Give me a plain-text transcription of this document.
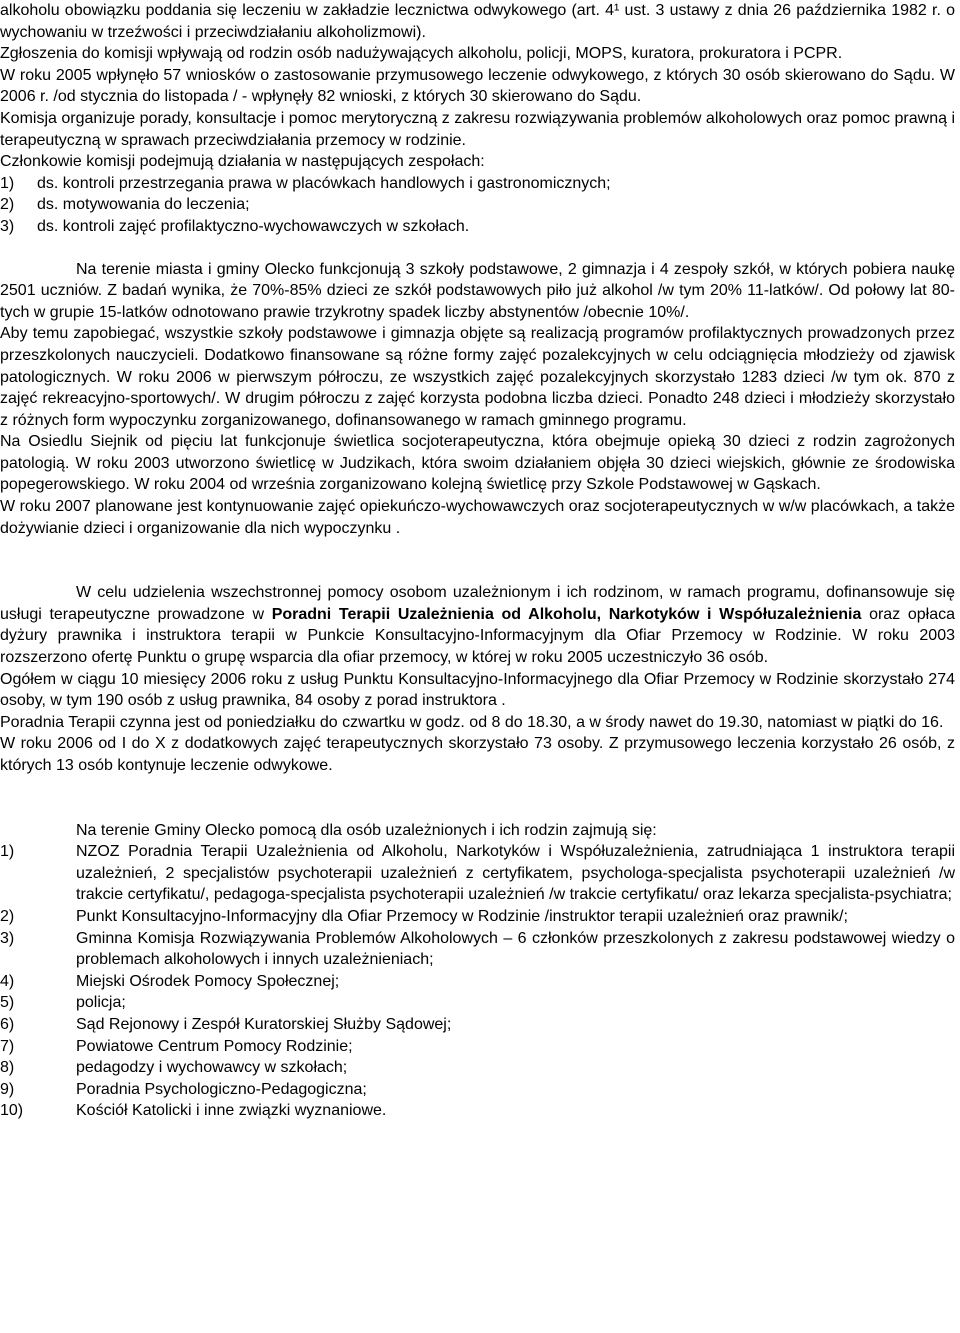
alkoholu obowiązku poddania się leczeniu w zakładzie lecznictwa odwykowego (art. 4¹ ust. 3 ustawy z dnia 26 października 1982 r. o wychowaniu w trzeźwości i przeciwdziałaniu alkoholizmowi).

Zgłoszenia do komisji wpływają od rodzin osób nadużywających alkoholu, policji, MOPS, kuratora, prokuratora i PCPR.

W roku 2005 wpłynęło 57 wniosków o zastosowanie przymusowego leczenie odwykowego, z których 30 osób skierowano do Sądu. W 2006 r. /od stycznia do listopada / - wpłynęły 82 wnioski, z których 30 skierowano do Sądu.

Komisja organizuje porady, konsultacje i pomoc merytoryczną z zakresu rozwiązywania problemów alkoholowych oraz pomoc prawną i terapeutyczną w sprawach przeciwdziałania przemocy w rodzinie.

Członkowie komisji podejmują działania w następujących zespołach:

1)	ds. kontroli przestrzegania prawa w placówkach handlowych i gastronomicznych;
2)	ds. motywowania do leczenia;
3)	ds. kontroli zajęć profilaktyczno-wychowawczych w szkołach.

Na terenie miasta i gminy Olecko funkcjonują 3 szkoły podstawowe, 2 gimnazja i 4 zespoły szkół, w których pobiera naukę 2501 uczniów. Z badań wynika, że 70%-85% dzieci ze szkół podstawowych piło już alkohol /w tym 20% 11-latków/. Od połowy lat 80-tych w grupie 15-latków odnotowano prawie trzykrotny spadek liczby abstynentów /obecnie 10%/.

Aby temu zapobiegać, wszystkie szkoły podstawowe i gimnazja objęte są realizacją programów profilaktycznych prowadzonych przez przeszkolonych nauczycieli. Dodatkowo finansowane są różne formy zajęć pozalekcyjnych w celu odciągnięcia młodzieży od zjawisk patologicznych. W roku 2006 w pierwszym półroczu, ze wszystkich zajęć pozalekcyjnych skorzystało 1283 dzieci /w tym ok. 870 z zajęć rekreacyjno-sportowych/. W drugim półroczu z zajęć korzysta podobna liczba dzieci. Ponadto 248 dzieci i młodzieży skorzystało z różnych form wypoczynku zorganizowanego, dofinansowanego w ramach gminnego programu.

Na Osiedlu Siejnik od pięciu lat funkcjonuje świetlica socjoterapeutyczna, która obejmuje opieką 30 dzieci z rodzin zagrożonych patologią. W roku 2003 utworzono świetlicę w Judzikach, która swoim działaniem objęła 30 dzieci wiejskich, głównie ze środowiska popegerowskiego. W roku 2004 od września zorganizowano kolejną świetlicę przy Szkole Podstawowej w Gąskach.

W roku 2007 planowane jest kontynuowanie zajęć opiekuńczo-wychowawczych oraz socjoterapeutycznych w w/w placówkach, a także dożywianie dzieci i organizowanie dla nich wypoczynku .

W celu udzielenia wszechstronnej pomocy osobom uzależnionym i ich rodzinom, w ramach programu, dofinansowuje się usługi terapeutyczne prowadzone w Poradni Terapii Uzależnienia od Alkoholu, Narkotyków i Współuzależnienia oraz opłaca dyżury prawnika i instruktora terapii w Punkcie Konsultacyjno-Informacyjnym dla Ofiar Przemocy w Rodzinie. W roku 2003 rozszerzono ofertę Punktu o grupę wsparcia dla ofiar przemocy, w której w roku 2005 uczestniczyło 36 osób.

Ogółem w ciągu 10 miesięcy 2006 roku z usług Punktu Konsultacyjno-Informacyjnego dla Ofiar Przemocy w Rodzinie skorzystało 274 osoby, w tym 190 osób z usług prawnika, 84 osoby z porad instruktora .

Poradnia Terapii czynna jest od poniedziałku do czwartku w godz. od 8 do 18.30, a w środy nawet do 19.30, natomiast w piątki do 16.

W roku 2006 od I do X z dodatkowych zajęć terapeutycznych skorzystało 73 osoby. Z przymusowego leczenia korzystało 26 osób, z których 13 osób kontynuje leczenie odwykowe.

Na terenie Gminy Olecko pomocą dla osób uzależnionych i ich rodzin zajmują się:

1)	NZOZ Poradnia Terapii Uzależnienia od Alkoholu, Narkotyków i Współuzależnienia, zatrudniająca 1 instruktora terapii uzależnień, 2 specjalistów psychoterapii uzależnień z certyfikatem, psychologa-specjalista psychoterapii uzależnień /w trakcie certyfikatu/, pedagoga-specjalista psychoterapii uzależnień /w trakcie certyfikatu/ oraz lekarza specjalista-psychiatra;
2)	Punkt Konsultacyjno-Informacyjny dla Ofiar Przemocy w Rodzinie /instruktor terapii uzależnień oraz prawnik/;
3)	Gminna Komisja Rozwiązywania Problemów Alkoholowych – 6 członków przeszkolonych z zakresu podstawowej wiedzy o problemach alkoholowych i innych uzależnieniach;
4)	Miejski Ośrodek Pomocy Społecznej;
5)	policja;
6)	Sąd Rejonowy i Zespół Kuratorskiej Służby Sądowej;
7)	Powiatowe Centrum Pomocy Rodzinie;
8)	pedagodzy i wychowawcy w szkołach;
9)	Poradnia Psychologiczno-Pedagogiczna;
10)	Kościół Katolicki i inne związki wyznaniowe.
